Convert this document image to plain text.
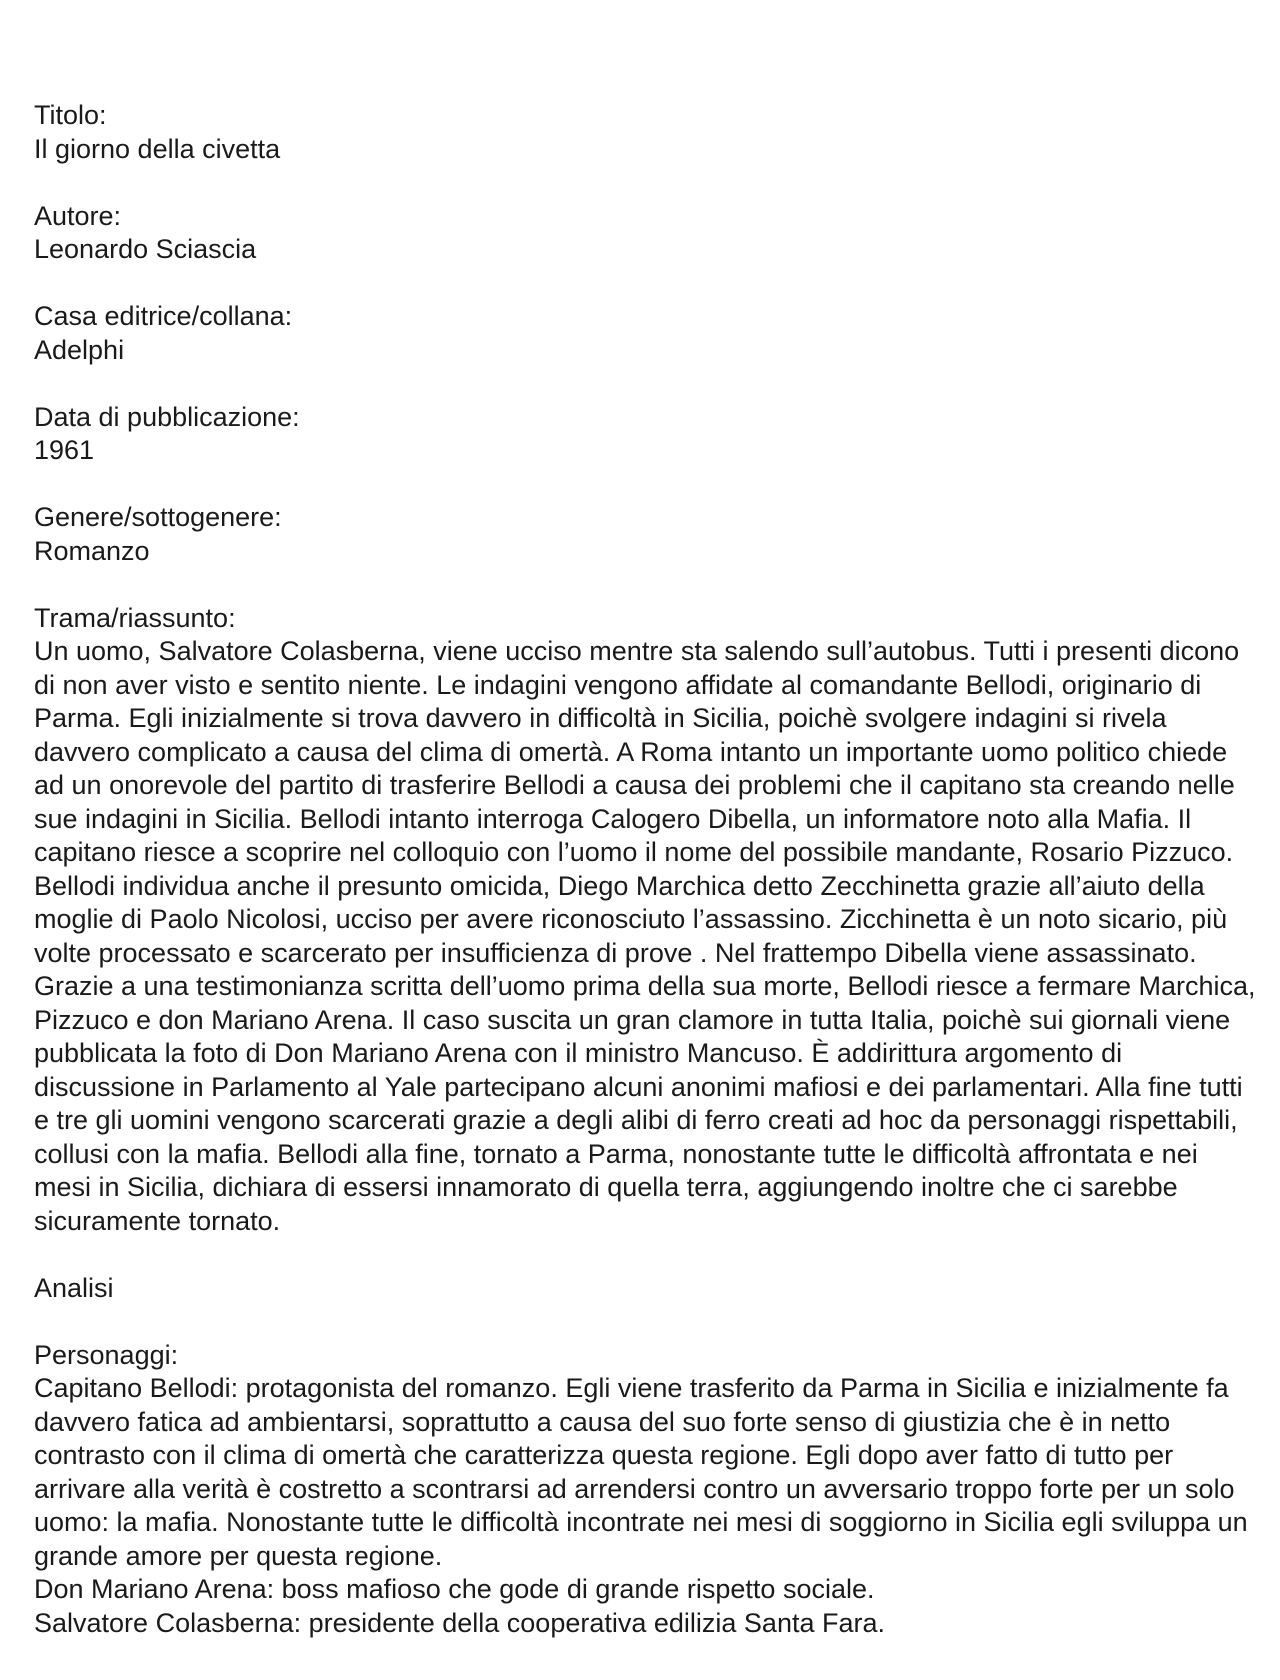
Titolo:
Il giorno della civetta
Autore:
Leonardo Sciascia
Casa editrice/collana:
Adelphi
Data di pubblicazione:
1961
Genere/sottogenere:
Romanzo
Trama/riassunto:

Un uomo, Salvatore Colasberna, viene ucciso mentre sta salendo sull’autobus. Tutti i presenti dicono di non aver visto e sentito niente. Le indagini vengono affidate al comandante Bellodi, originario di Parma. Egli inizialmente si trova davvero in difficoltà in Sicilia, poichè svolgere indagini si rivela davvero complicato a causa del clima di omertà. A Roma intanto un importante uomo politico chiede ad un onorevole del partito di trasferire Bellodi a causa dei problemi che il capitano sta creando nelle sue indagini in Sicilia. Bellodi intanto interroga Calogero Dibella, un informatore noto alla Mafia. Il capitano riesce a scoprire nel colloquio con l’uomo il nome del possibile mandante, Rosario Pizzuco. Bellodi individua anche il presunto omicida, Diego Marchica detto Zecchinetta grazie all’aiuto della moglie di Paolo Nicolosi, ucciso per avere riconosciuto l’assassino. Zicchinetta è un noto sicario, più volte processato e scarcerato per insufficienza di prove . Nel frattempo Dibella viene assassinato. Grazie a una testimonianza scritta dell’uomo prima della sua morte, Bellodi riesce a fermare Marchica, Pizzuco e don Mariano Arena. Il caso suscita un gran clamore in tutta Italia, poichè sui giornali viene pubblicata la foto di Don Mariano Arena con il ministro Mancuso. È addirittura argomento di discussione in Parlamento al Yale partecipano alcuni anonimi mafiosi e dei parlamentari. Alla fine tutti e tre gli uomini vengono scarcerati grazie a degli alibi di ferro creati ad hoc da personaggi rispettabili, collusi con la mafia. Bellodi alla fine, tornato a Parma, nonostante tutte le difficoltà affrontata e nei mesi in Sicilia, dichiara di essersi innamorato di quella terra, aggiungendo inoltre che ci sarebbe sicuramente tornato.

Analisi
Personaggi:
Capitano Bellodi: protagonista del romanzo. Egli viene trasferito da Parma in Sicilia e inizialmente fa davvero fatica ad ambientarsi, soprattutto a causa del suo forte senso di giustizia che è in netto contrasto con il clima di omertà che caratterizza questa regione. Egli dopo aver fatto di tutto per arrivare alla verità è costretto a scontrarsi ad arrendersi contro un avversario troppo forte per un solo uomo: la mafia. Nonostante tutte le difficoltà incontrate nei mesi di soggiorno in Sicilia egli sviluppa un grande amore per questa regione.
Don Mariano Arena: boss mafioso che gode di grande rispetto sociale.
Salvatore Colasberna: presidente della cooperativa edilizia Santa Fara.
